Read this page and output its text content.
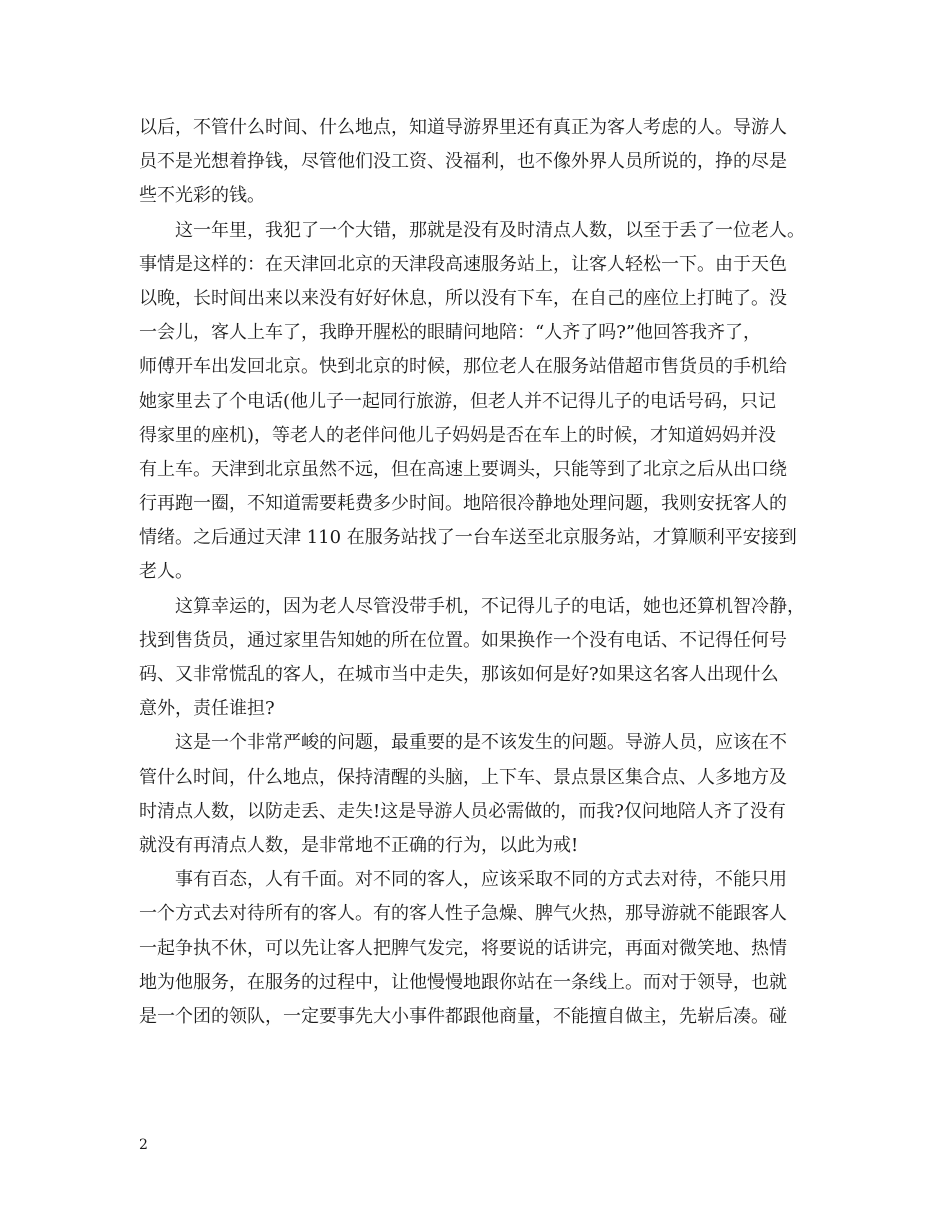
以后，不管什么时间、什么地点，知道导游界里还有真正为客人考虑的人。导游人
员不是光想着挣钱，尽管他们没工资、没福利，也不像外界人员所说的，挣的尽是
些不光彩的钱。
　　这一年里，我犯了一个大错，那就是没有及时清点人数，以至于丢了一位老人。
事情是这样的：在天津回北京的天津段高速服务站上，让客人轻松一下。由于天色
以晚，长时间出来以来没有好好休息，所以没有下车，在自己的座位上打盹了。没
一会儿，客人上车了，我睁开腥松的眼睛问地陪：“人齐了吗?”他回答我齐了，
师傅开车出发回北京。快到北京的时候，那位老人在服务站借超市售货员的手机给
她家里去了个电话(他儿子一起同行旅游，但老人并不记得儿子的电话号码，只记
得家里的座机)，等老人的老伴问他儿子妈妈是否在车上的时候，才知道妈妈并没
有上车。天津到北京虽然不远，但在高速上要调头，只能等到了北京之后从出口绕
行再跑一圈，不知道需要耗费多少时间。地陪很冷静地处理问题，我则安抚客人的
情绪。之后通过天津 110 在服务站找了一台车送至北京服务站，才算顺利平安接到
老人。
　　这算幸运的，因为老人尽管没带手机，不记得儿子的电话，她也还算机智冷静，
找到售货员，通过家里告知她的所在位置。如果换作一个没有电话、不记得任何号
码、又非常慌乱的客人，在城市当中走失，那该如何是好?如果这名客人出现什么
意外，责任谁担?
　　这是一个非常严峻的问题，最重要的是不该发生的问题。导游人员，应该在不
管什么时间，什么地点，保持清醒的头脑，上下车、景点景区集合点、人多地方及
时清点人数，以防走丢、走失!这是导游人员必需做的，而我?仅问地陪人齐了没有
就没有再清点人数，是非常地不正确的行为，以此为戒!
　　事有百态，人有千面。对不同的客人，应该采取不同的方式去对待，不能只用
一个方式去对待所有的客人。有的客人性子急燥、脾气火热，那导游就不能跟客人
一起争执不休，可以先让客人把脾气发完，将要说的话讲完，再面对微笑地、热情
地为他服务，在服务的过程中，让他慢慢地跟你站在一条线上。而对于领导，也就
是一个团的领队，一定要事先大小事件都跟他商量，不能擅自做主，先崭后凑。碰
2
